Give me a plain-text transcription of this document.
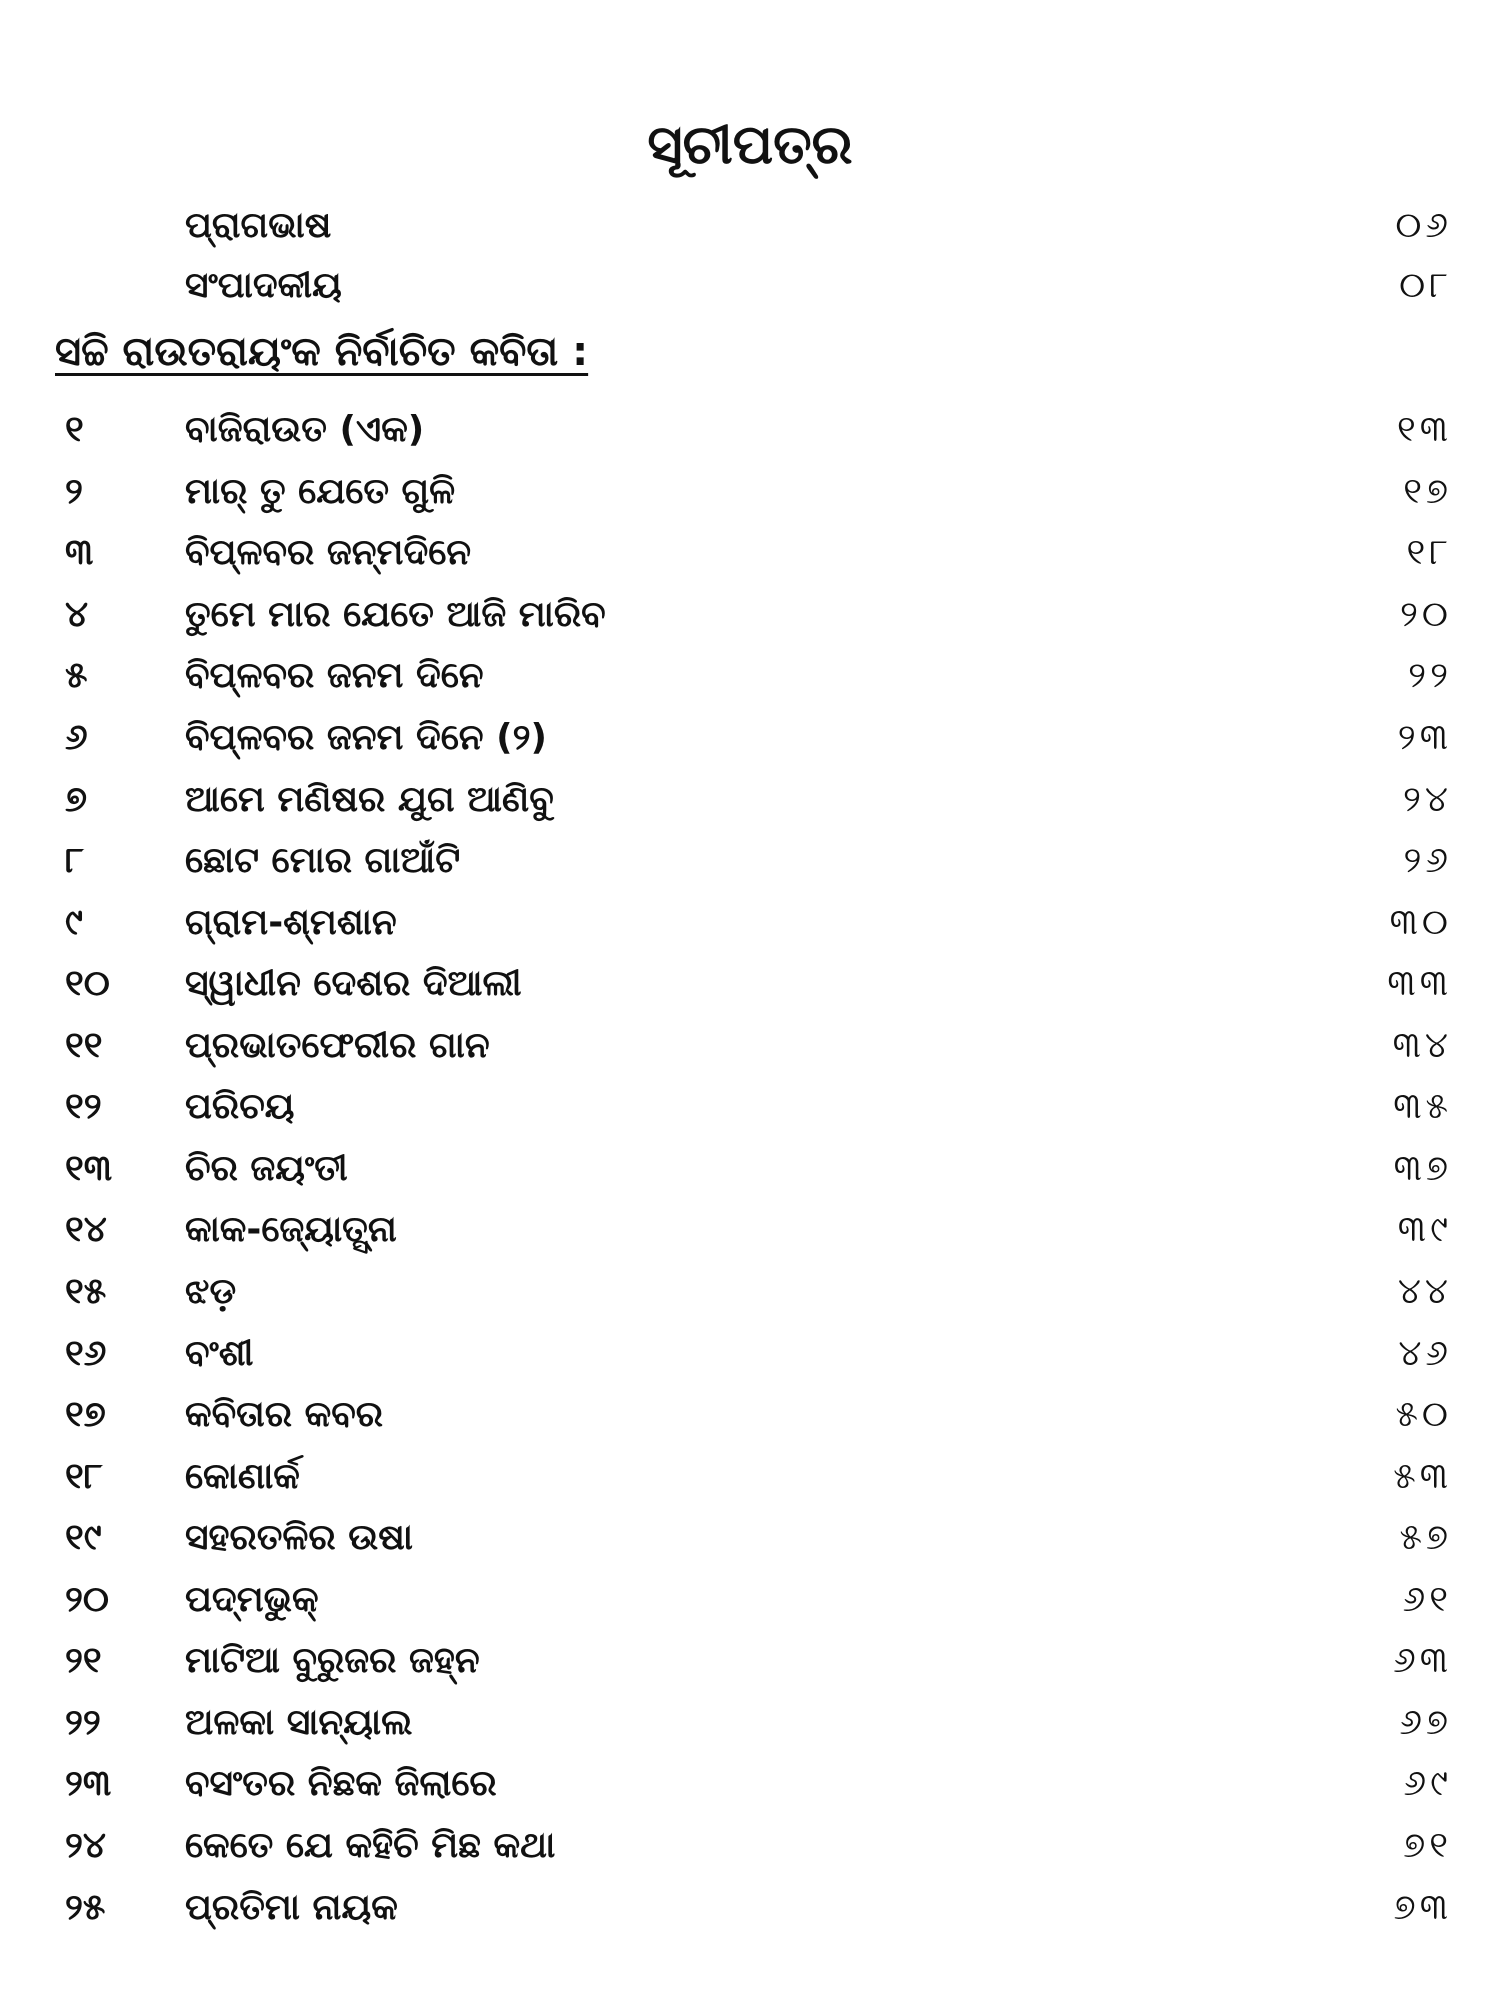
ସୂଚୀପତ୍ର
ପ୍ରାଗଭାଷ	୦୬
ସଂପାଦକୀୟ	୦୮
ସଚ୍ଚି ରାଉତରାୟଂକ ନିର୍ବାଚିତ କବିତା :
୧	ବାଜିରାଉତ (ଏକ)	୧୩
୨	ମାର୍ ତୁ ଯେତେ ଗୁଳି	୧୭
୩	ବିପ୍ଳବର ଜନ୍ମଦିନେ	୧୮
୪	ତୁମେ ମାର ଯେତେ ଆଜି ମାରିବ	୨୦
୫	ବିପ୍ଳବର ଜନମ ଦିନେ	୨୨
୬	ବିପ୍ଳବର ଜନମ ଦିନେ (୨)	୨୩
୭	ଆମେ ମଣିଷର ଯୁଗ ଆଣିବୁ	୨୪
୮	ଛୋଟ ମୋର ଗାଆଁଟି	୨୬
୯	ଗ୍ରାମ-ଶ୍ମଶାନ	୩୦
୧୦ ସ୍ୱାଧୀନ ଦେଶର ଦିଆଲୀ	୩୩
୧୧ ପ୍ରଭାତଫେରୀର ଗାନ	୩୪
୧୨ ପରିଚୟ	୩୫
୧୩ ଚିର ଜୟଂତୀ	୩୭
୧୪ କାକ-ଜ୍ୟୋତ୍ସ୍ନା	୩୯
୧୫ ଝଡ଼	୪୪
୧୬ ବଂଶୀ	୪୬
୧୭ କବିତାର କବର	୫୦
୧୮ କୋଣାର୍କ	୫୩
୧୯ ସହରତଳିର ଉଷା	୫୭
୨୦ ପଦ୍ମଭୁକ୍	୬୧
୨୧ ମାଟିଆ ବୁରୁଜର ଜହ୍ନ	୬୩
୨୨ ଅଳକା ସାନ୍ୟାଲ	୬୭
୨୩ ବସଂତର ନିଛକ ଜିଲାରେ	୬୯
୨୪ କେତେ ଯେ କହିଚି ମିଛ କଥା	୭୧
୨୫ ପ୍ରତିମା ନାୟକ	୭୩
